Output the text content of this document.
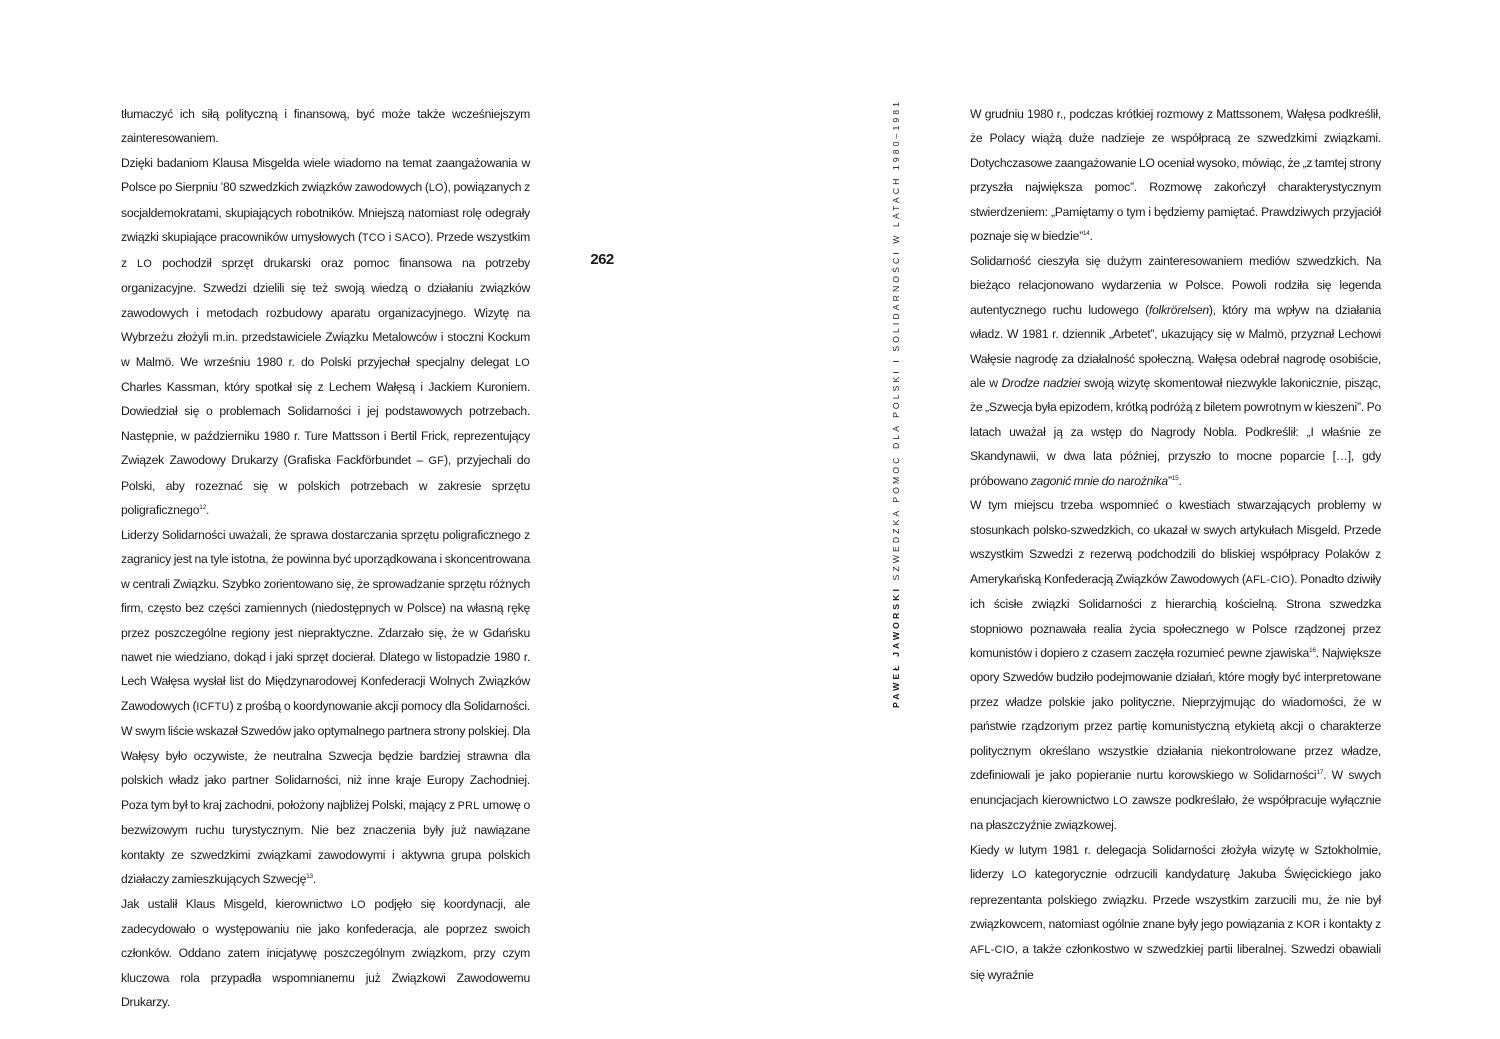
PAWEŁ JAWORSKI SZWEDZKA POMOC DLA POLSKI I SOLIDARNOŚCI W LATACH 1980–1981
262

tłumaczyć ich siłą polityczną i finansową, być może także wcześniejszym zainteresowaniem.

Dzięki badaniom Klausa Misgelda wiele wiadomo na temat zaangażowania w Polsce po Sierpniu ’80 szwedzkich związków zawodowych (LO), powiązanych z socjaldemokratami, skupiających robotników. Mniejszą natomiast rolę odegrały związki skupiające pracowników umysłowych (TCO i SACO). Przede wszystkim z LO pochodził sprzęt drukarski oraz pomoc finansowa na potrzeby organizacyjne. Szwedzi dzielili się też swoją wiedzą o działaniu związków zawodowych i metodach rozbudowy aparatu organizacyjnego. Wizytę na Wybrzeżu złożyli m.in. przedstawiciele Związku Metalowców i stoczni Kockum w Malmö. We wrześniu 1980 r. do Polski przyjechał specjalny delegat LO Charles Kassman, który spotkał się z Lechem Wałęsą i Jackiem Kuroniem. Dowiedział się o problemach Solidarności i jej podstawowych potrzebach. Następnie, w październiku 1980 r. Ture Mattsson i Bertil Frick, reprezentujący Związek Zawodowy Drukarzy (Grafiska Fackförbundet – GF), przyjechali do Polski, aby rozeznać się w polskich potrzebach w zakresie sprzętu poligraficznego$^{12}$.

Liderzy Solidarności uważali, że sprawa dostarczania sprzętu poligraficznego z zagranicy jest na tyle istotna, że powinna być uporządkowana i skoncentrowana w centrali Związku. Szybko zorientowano się, że sprowadzanie sprzętu różnych firm, często bez części zamiennych (niedostępnych w Polsce) na własną rękę przez poszczególne regiony jest niepraktyczne. Zdarzało się, że w Gdańsku nawet nie wiedziano, dokąd i jaki sprzęt docierał. Dlatego w listopadzie 1980 r. Lech Wałęsa wysłał list do Międzynarodowej Konfederacji Wolnych Związków Zawodowych (ICFTU) z prośbą o koordynowanie akcji pomocy dla Solidarności. W swym liście wskazał Szwedów jako optymalnego partnera strony polskiej. Dla Wałęsy było oczywiste, że neutralna Szwecja będzie bardziej strawna dla polskich władz jako partner Solidarności, niż inne kraje Europy Zachodniej. Poza tym był to kraj zachodni, położony najbliżej Polski, mający z PRL umowę o bezwizowym ruchu turystycznym. Nie bez znaczenia były już nawiązane kontakty ze szwedzkimi związkami zawodowymi i aktywna grupa polskich działaczy zamieszkujących Szwecję$^{13}$.

Jak ustalił Klaus Misgeld, kierownictwo LO podjęło się koordynacji, ale zadecydowało o występowaniu nie jako konfederacja, ale poprzez swoich członków. Oddano zatem inicjatywę poszczególnym związkom, przy czym kluczowa rola przypadła wspomnianemu już Związkowi Zawodowemu Drukarzy.

W grudniu 1980 r., podczas krótkiej rozmowy z Mattssonem, Wałęsa podkreślił, że Polacy wiążą duże nadzieje ze współpracą ze szwedzkimi związkami. Dotychczasowe zaangażowanie LO oceniał wysoko, mówiąc, że „z tamtej strony przyszła największa pomoc”. Rozmowę zakończył charakterystycznym stwierdzeniem: „Pamiętamy o tym i będziemy pamiętać. Prawdziwych przyjaciół poznaje się w biedzie”$^{14}$.

Solidarność cieszyła się dużym zainteresowaniem mediów szwedzkich. Na bieżąco relacjonowano wydarzenia w Polsce. Powoli rodziła się legenda autentycznego ruchu ludowego (folkrörelsen), który ma wpływ na działania władz. W 1981 r. dziennik „Arbetet”, ukazujący się w Malmö, przyznał Lechowi Wałęsie nagrodę za działalność społeczną. Wałęsa odebrał nagrodę osobiście, ale w Drodze nadziei swoją wizytę skomentował niezwykle lakonicznie, pisząc, że „Szwecja była epizodem, krótką podróżą z biletem powrotnym w kieszeni”. Po latach uważał ją za wstęp do Nagrody Nobla. Podkreślił: „I właśnie ze Skandynawii, w dwa lata później, przyszło to mocne poparcie […], gdy próbowano zagonić mnie do narożnika”$^{15}$.

W tym miejscu trzeba wspomnieć o kwestiach stwarzających problemy w stosunkach polsko-szwedzkich, co ukazał w swych artykułach Misgeld. Przede wszystkim Szwedzi z rezerwą podchodzili do bliskiej współpracy Polaków z Amerykańską Konfederacją Związków Zawodowych (AFL-CIO). Ponadto dziwiły ich ścisłe związki Solidarności z hierarchią kościelną. Strona szwedzka stopniowo poznawała realia życia społecznego w Polsce rządzonej przez komunistów i dopiero z czasem zaczęła rozumieć pewne zjawiska$^{16}$. Największe opory Szwedów budziło podejmowanie działań, które mogły być interpretowane przez władze polskie jako polityczne. Nieprzyjmując do wiadomości, że w państwie rządzonym przez partię komunistyczną etykietą akcji o charakterze politycznym określano wszystkie działania niekontrolowane przez władze, zdefiniowali je jako popieranie nurtu korowskiego w Solidarności$^{17}$. W swych enuncjacjach kierownictwo LO zawsze podkreślało, że współpracuje wyłącznie na płaszczyźnie związkowej.

Kiedy w lutym 1981 r. delegacja Solidarności złożyła wizytę w Sztokholmie, liderzy LO kategorycznie odrzucili kandydaturę Jakuba Święcickiego jako reprezentanta polskiego związku. Przede wszystkim zarzucili mu, że nie był związkowcem, natomiast ogólnie znane były jego powiązania z KOR i kontakty z AFL-CIO, a także członkostwo w szwedzkiej partii liberalnej. Szwedzi obawiali się wyraźnie
